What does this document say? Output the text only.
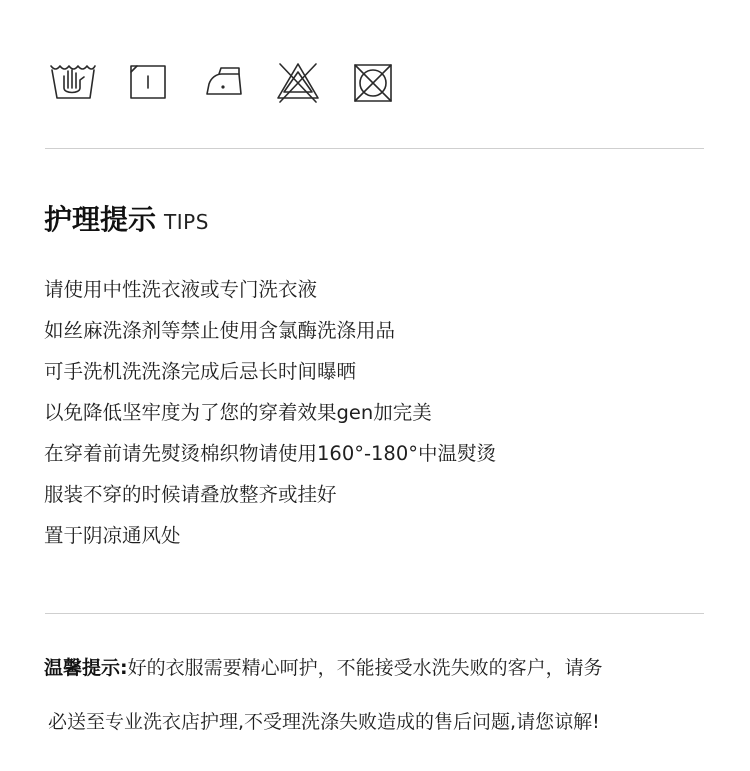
护理提示 TIPS
请使用中性洗衣液或专门洗衣液
如丝麻洗涤剂等禁止使用含氯酶洗涤用品
可手洗机洗洗涤完成后忌长时间曝晒
以免降低坚牢度为了您的穿着效果gen加完美
在穿着前请先熨烫棉织物请使用160°-180°中温熨烫
服装不穿的时候请叠放整齐或挂好
置于阴凉通风处
温馨提示:好的衣服需要精心呵护，不能接受水洗失败的客户，请务
必送至专业洗衣店护理,不受理洗涤失败造成的售后问题,请您谅解!
